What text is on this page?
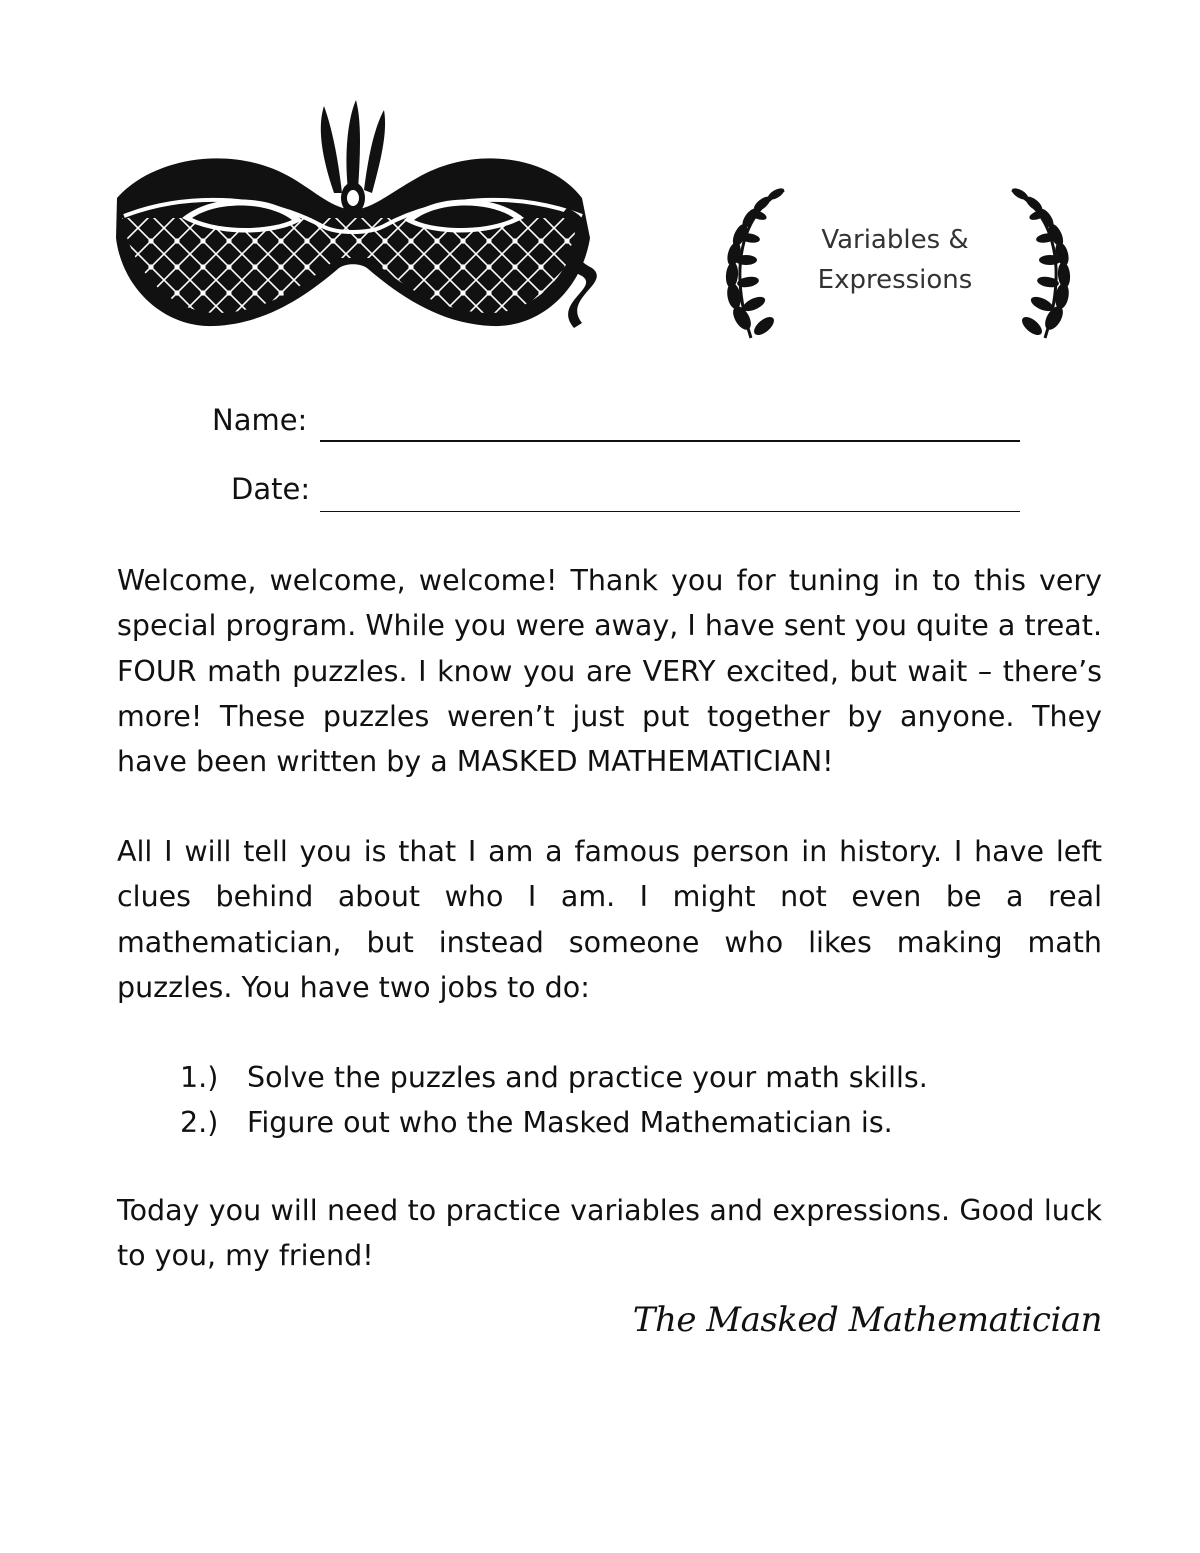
Variables &
Expressions
Name:
Date:

Welcome, welcome, welcome! Thank you for tuning in to this very special program. While you were away, I have sent you quite a treat. FOUR math puzzles. I know you are VERY excited, but wait – there’s more! These puzzles weren’t just put together by anyone. They have been written by a MASKED MATHEMATICIAN!

All I will tell you is that I am a famous person in history. I have left clues behind about who I am. I might not even be a real mathematician, but instead someone who likes making math puzzles. You have two jobs to do:

1.)	Solve the puzzles and practice your math skills.
2.)	Figure out who the Masked Mathematician is.

Today you will need to practice variables and expressions. Good luck to you, my friend!

The Masked Mathematician
